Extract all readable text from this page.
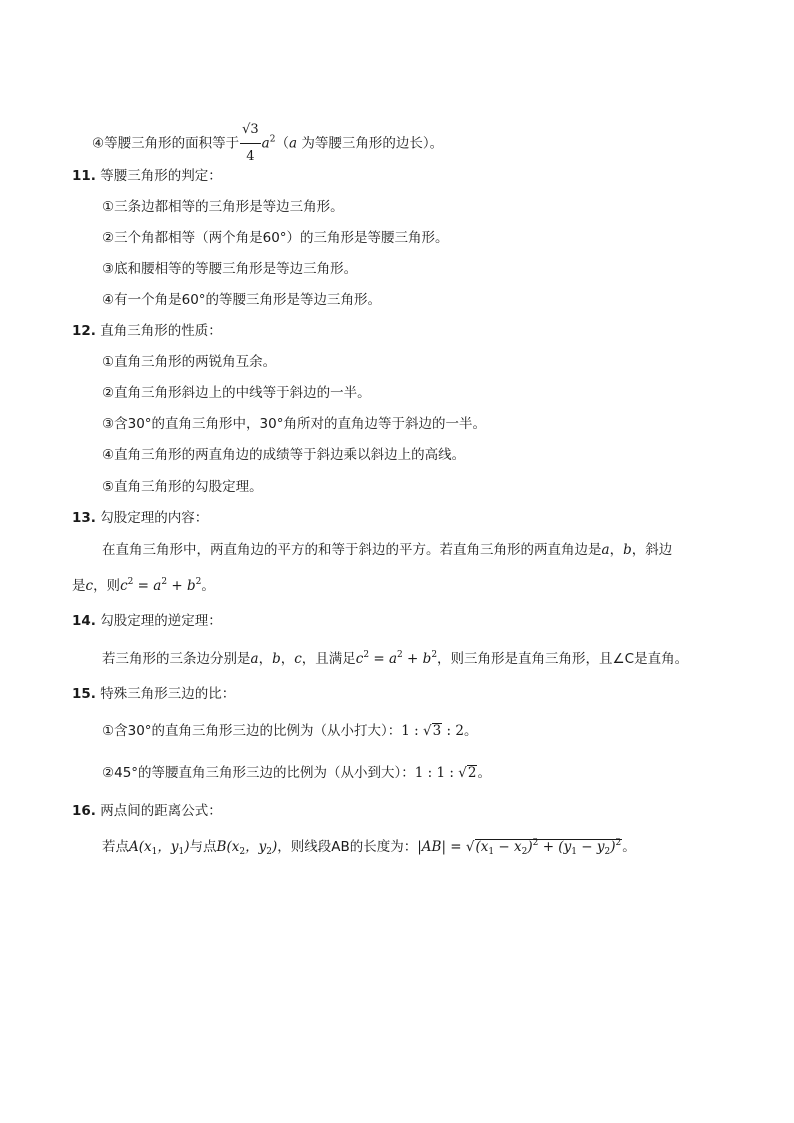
④等腰三角形的面积等于 $\frac{√3}{4} a^2(a$ 为等腰三角形的边长）。
11. 等腰三角形的判定：
①三条边都相等的三角形是等边三角形。
②三个角都相等（两个角是60°）的三角形是等腰三角形。
③底和腰相等的等腰三角形是等边三角形。
④有一个角是60°的等腰三角形是等边三角形。
12. 直角三角形的性质：
①直角三角形的两锐角互余。
②直角三角形斜边上的中线等于斜边的一半。
③含30°的直角三角形中，30°角所对的直角边等于斜边的一半。
④直角三角形的两直角边的成绩等于斜边乘以斜边上的高线。
⑤直角三角形的勾股定理。
13. 勾股定理的内容：
在直角三角形中，两直角边的平方的和等于斜边的平方。若直角三角形的两直角边是a，b，斜边
是c，则$c^2 = a^2 + b^2$。
14. 勾股定理的逆定理：
若三角形的三条边分别是a，b，c，且满足$c^2 = a^2 + b^2$，则三角形是直角三角形，且∠C是直角。
15. 特殊三角形三边的比：
①含30°的直角三角形三边的比例为（从小打大）：1 : √3 : 2。
②45°的等腰直角三角形三边的比例为（从小到大）：1 : 1 : √2。
16. 两点间的距离公式：
若点$A(x_1$，$y_1$)与点$B(x_2$，$y_2$)，则线段AB的长度为：$|AB| = √(x_1 - x_2)^2 + (y_1 - y_2)^2$。
